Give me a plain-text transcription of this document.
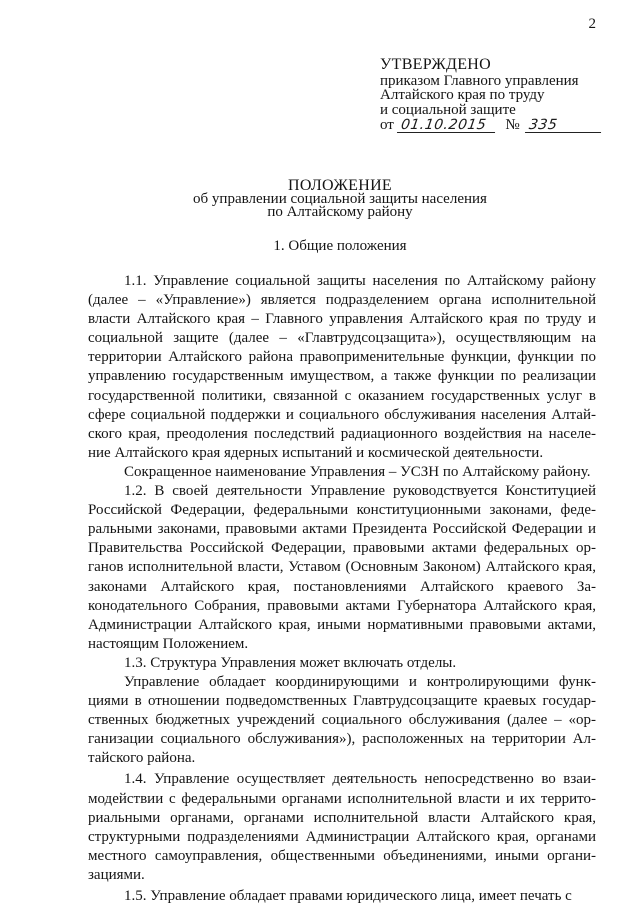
2
УТВЕРЖДЕНО
приказом Главного управления
Алтайского края по труду
и социальной защите
от 01.10.2015 № 335
ПОЛОЖЕНИЕ
об управлении социальной защиты населения
по Алтайскому району
1. Общие положения

1.1. Управление социальной защиты населения по Алтайскому району (далее – «Управление») является подразделением органа исполнительной власти Алтайского края – Главного управления Алтайского края по труду и социальной защите (далее – «Главтрудсоцзащита»), осуществляющим на территории Алтайского района правоприменительные функции, функции по управлению государственным имуществом, а также функции по реализации государственной политики, связанной с оказанием государственных услуг в сфере социальной поддержки и социального обслуживания населения Алтайского края, преодоления последствий радиационного воздействия на население Алтайского края ядерных испытаний и космической деятельности.

Сокращенное наименование Управления – УСЗН по Алтайскому району.

1.2. В своей деятельности Управление руководствуется Конституцией Российской Федерации, федеральными конституционными законами, федеральными законами, правовыми актами Президента Российской Федерации и Правительства Российской Федерации, правовыми актами федеральных органов исполнительной власти, Уставом (Основным Законом) Алтайского края, законами Алтайского края, постановлениями Алтайского краевого Законодательного Собрания, правовыми актами Губернатора Алтайского края, Администрации Алтайского края, иными нормативными правовыми актами, настоящим Положением.

1.3. Структура Управления может включать отделы.

Управление обладает координирующими и контролирующими функциями в отношении подведомственных Главтрудсоцзащите краевых государственных бюджетных учреждений социального обслуживания (далее – «организации социального обслуживания»), расположенных на территории Алтайского района.

1.4. Управление осуществляет деятельность непосредственно во взаимодействии с федеральными органами исполнительной власти и их территориальными органами, органами исполнительной власти Алтайского края, структурными подразделениями Администрации Алтайского края, органами местного самоуправления, общественными объединениями, иными организациями.

1.5. Управление обладает правами юридического лица, имеет печать с
